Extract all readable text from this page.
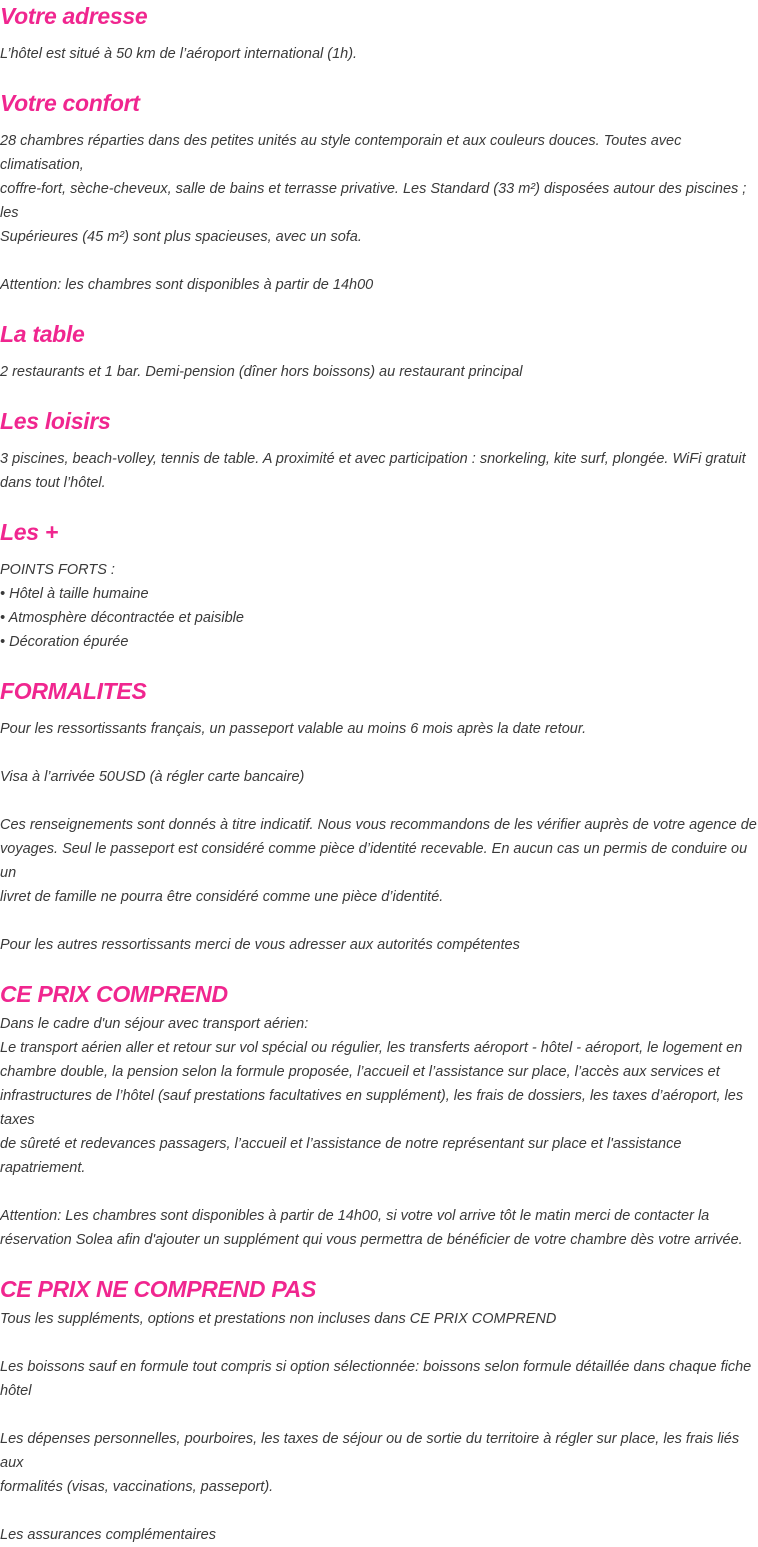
Votre adresse

L’hôtel est situé à 50 km de l’aéroport international (1h).

Votre confort

28 chambres réparties dans des petites unités au style contemporain et aux couleurs douces. Toutes avec climatisation,
coffre-fort, sèche-cheveux, salle de bains et terrasse privative. Les Standard (33 m²) disposées autour des piscines ; les
Supérieures (45 m²) sont plus spacieuses, avec un sofa.

Attention: les chambres sont disponibles à partir de 14h00

La table

2 restaurants et 1 bar. Demi-pension (dîner hors boissons) au restaurant principal

Les loisirs

3 piscines, beach-volley, tennis de table. A proximité et avec participation : snorkeling, kite surf, plongée. WiFi gratuit
dans tout l’hôtel.

Les +

POINTS FORTS :
• Hôtel à taille humaine
• Atmosphère décontractée et paisible
• Décoration épurée

FORMALITES

Pour les ressortissants français, un passeport valable au moins 6 mois après la date retour.

Visa à l’arrivée 50USD (à régler carte bancaire)

Ces renseignements sont donnés à titre indicatif. Nous vous recommandons de les vérifier auprès de votre agence de
voyages. Seul le passeport est considéré comme pièce d’identité recevable. En aucun cas un permis de conduire ou un
livret de famille ne pourra être considéré comme une pièce d’identité.

Pour les autres ressortissants merci de vous adresser aux autorités compétentes

CE PRIX COMPREND

Dans le cadre d'un séjour avec transport aérien:
Le transport aérien aller et retour sur vol spécial ou régulier, les transferts aéroport - hôtel - aéroport, le logement en
chambre double, la pension selon la formule proposée, l’accueil et l’assistance sur place, l’accès aux services et
infrastructures de l’hôtel (sauf prestations facultatives en supplément), les frais de dossiers, les taxes d’aéroport, les taxes
de sûreté et redevances passagers, l’accueil et l’assistance de notre représentant sur place et l'assistance rapatriement.

Attention: Les chambres sont disponibles à partir de 14h00, si votre vol arrive tôt le matin merci de contacter la
réservation Solea afin d'ajouter un supplément qui vous permettra de bénéficier de votre chambre dès votre arrivée.

CE PRIX NE COMPREND PAS

Tous les suppléments, options et prestations non incluses dans CE PRIX COMPREND

Les boissons sauf en formule tout compris si option sélectionnée: boissons selon formule détaillée dans chaque fiche
hôtel

Les dépenses personnelles, pourboires, les taxes de séjour ou de sortie du territoire à régler sur place, les frais liés aux
formalités (visas, vaccinations, passeport).

Les assurances complémentaires
